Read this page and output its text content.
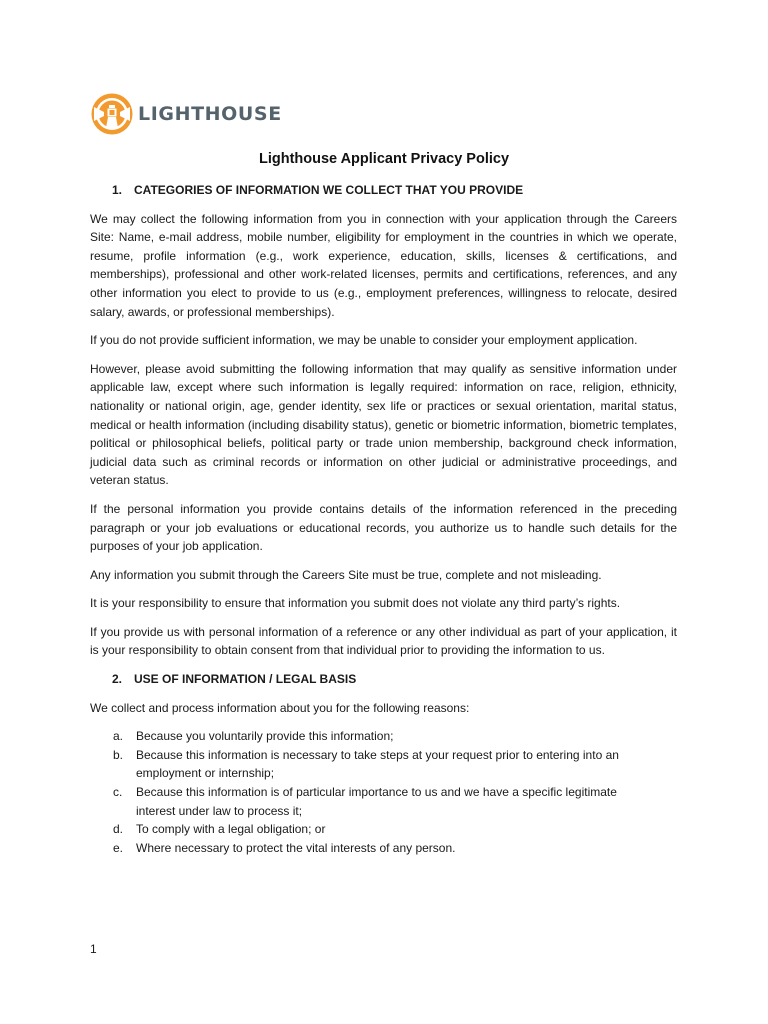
LIGHTHOUSE
Lighthouse Applicant Privacy Policy
1. CATEGORIES OF INFORMATION WE COLLECT THAT YOU PROVIDE

We may collect the following information from you in connection with your application through the Careers Site: Name, e-mail address, mobile number, eligibility for employment in the countries in which we operate, resume, profile information (e.g., work experience, education, skills, licenses & certifications, and memberships), professional and other work-related licenses, permits and certifications, references, and any other information you elect to provide to us (e.g., employment preferences, willingness to relocate, desired salary, awards, or professional memberships).

If you do not provide sufficient information, we may be unable to consider your employment application.

However, please avoid submitting the following information that may qualify as sensitive information under applicable law, except where such information is legally required: information on race, religion, ethnicity, nationality or national origin, age, gender identity, sex life or practices or sexual orientation, marital status, medical or health information (including disability status), genetic or biometric information, biometric templates, political or philosophical beliefs, political party or trade union membership, background check information, judicial data such as criminal records or information on other judicial or administrative proceedings, and veteran status.

If the personal information you provide contains details of the information referenced in the preceding paragraph or your job evaluations or educational records, you authorize us to handle such details for the purposes of your job application.

Any information you submit through the Careers Site must be true, complete and not misleading.

It is your responsibility to ensure that information you submit does not violate any third party’s rights.

If you provide us with personal information of a reference or any other individual as part of your application, it is your responsibility to obtain consent from that individual prior to providing the information to us.

2. USE OF INFORMATION / LEGAL BASIS

We collect and process information about you for the following reasons:

a.	Because you voluntarily provide this information;
b.	Because this information is necessary to take steps at your request prior to entering into an employment or internship;
c.	Because this information is of particular importance to us and we have a specific legitimate interest under law to process it;
d.	To comply with a legal obligation; or
e.	Where necessary to protect the vital interests of any person.
1
